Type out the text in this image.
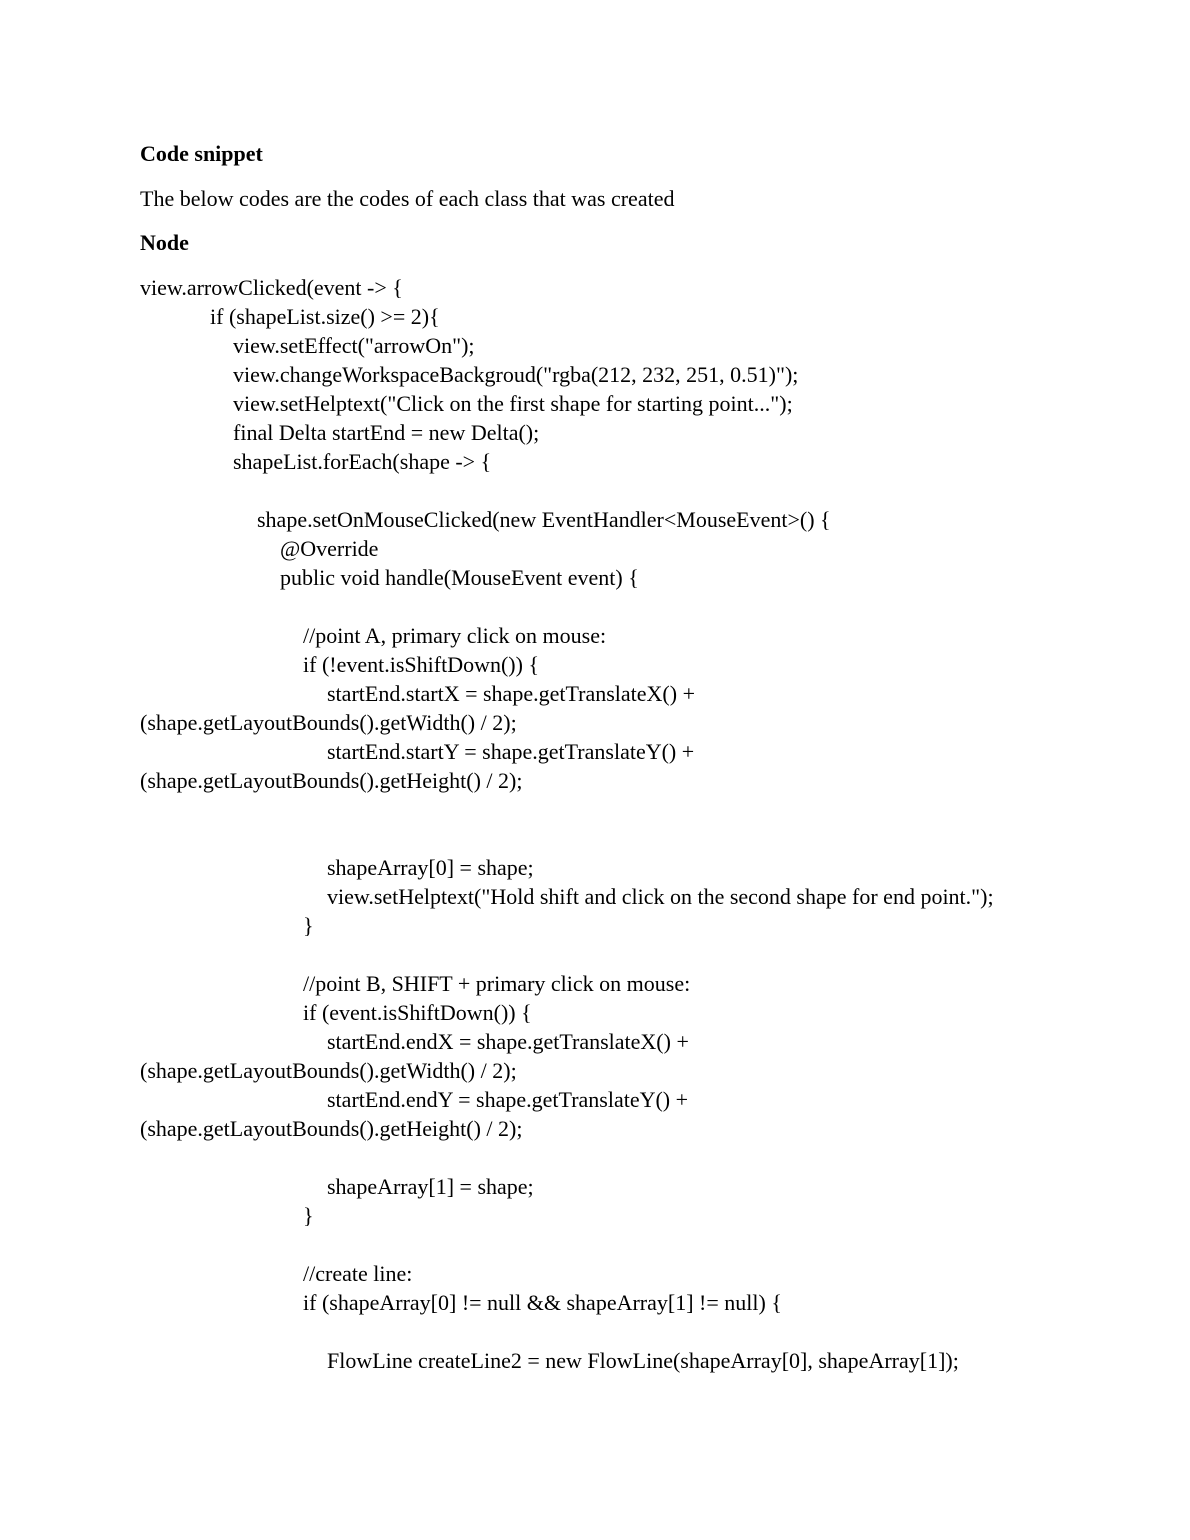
Code snippet
The below codes are the codes of each class that was created
Node
view.arrowClicked(event -> {
if (shapeList.size() >= 2){
view.setEffect("arrowOn");
view.changeWorkspaceBackgroud("rgba(212, 232, 251, 0.51)");
view.setHelptext("Click on the first shape for starting point...");
final Delta startEnd = new Delta();
shapeList.forEach(shape -> {
shape.setOnMouseClicked(new EventHandler<MouseEvent>() {
@Override
public void handle(MouseEvent event) {
//point A, primary click on mouse:
if (!event.isShiftDown()) {
startEnd.startX = shape.getTranslateX() +
(shape.getLayoutBounds().getWidth() / 2);
startEnd.startY = shape.getTranslateY() +
(shape.getLayoutBounds().getHeight() / 2);
shapeArray[0] = shape;
view.setHelptext("Hold shift and click on the second shape for end point.");
}
//point B, SHIFT + primary click on mouse:
if (event.isShiftDown()) {
startEnd.endX = shape.getTranslateX() +
(shape.getLayoutBounds().getWidth() / 2);
startEnd.endY = shape.getTranslateY() +
(shape.getLayoutBounds().getHeight() / 2);
shapeArray[1] = shape;
}
//create line:
if (shapeArray[0] != null && shapeArray[1] != null) {
FlowLine createLine2 = new FlowLine(shapeArray[0], shapeArray[1]);
